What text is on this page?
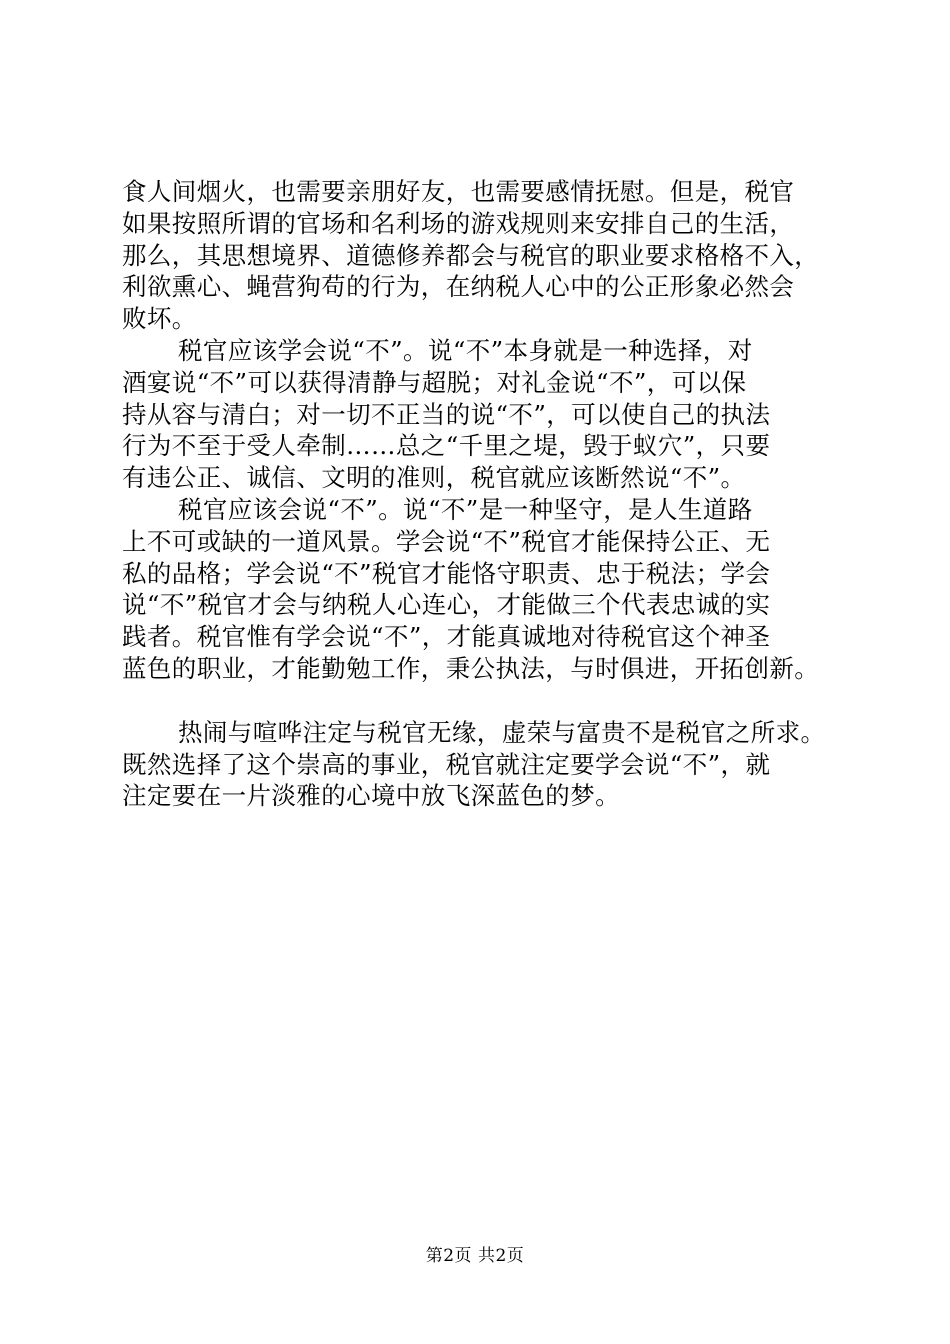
食人间烟火，也需要亲朋好友，也需要感情抚慰。但是，税官
如果按照所谓的官场和名利场的游戏规则来安排自己的生活，
那么，其思想境界、道德修养都会与税官的职业要求格格不入，
利欲熏心、蝇营狗苟的行为，在纳税人心中的公正形象必然会
败坏。
税官应该学会说“不”。说“不”本身就是一种选择，对
酒宴说“不”可以获得清静与超脱；对礼金说“不”，可以保
持从容与清白；对一切不正当的说“不”，可以使自己的执法
行为不至于受人牵制……总之“千里之堤，毁于蚁穴”，只要
有违公正、诚信、文明的准则，税官就应该断然说“不”。
税官应该会说“不”。说“不”是一种坚守，是人生道路
上不可或缺的一道风景。学会说“不”税官才能保持公正、无
私的品格；学会说“不”税官才能恪守职责、忠于税法；学会
说“不”税官才会与纳税人心连心，才能做三个代表忠诚的实
践者。税官惟有学会说“不”，才能真诚地对待税官这个神圣
蓝色的职业，才能勤勉工作，秉公执法，与时俱进，开拓创新。
热闹与喧哗注定与税官无缘，虚荣与富贵不是税官之所求。
既然选择了这个崇高的事业，税官就注定要学会说“不”，就
注定要在一片淡雅的心境中放飞深蓝色的梦。
第2页 共2页
